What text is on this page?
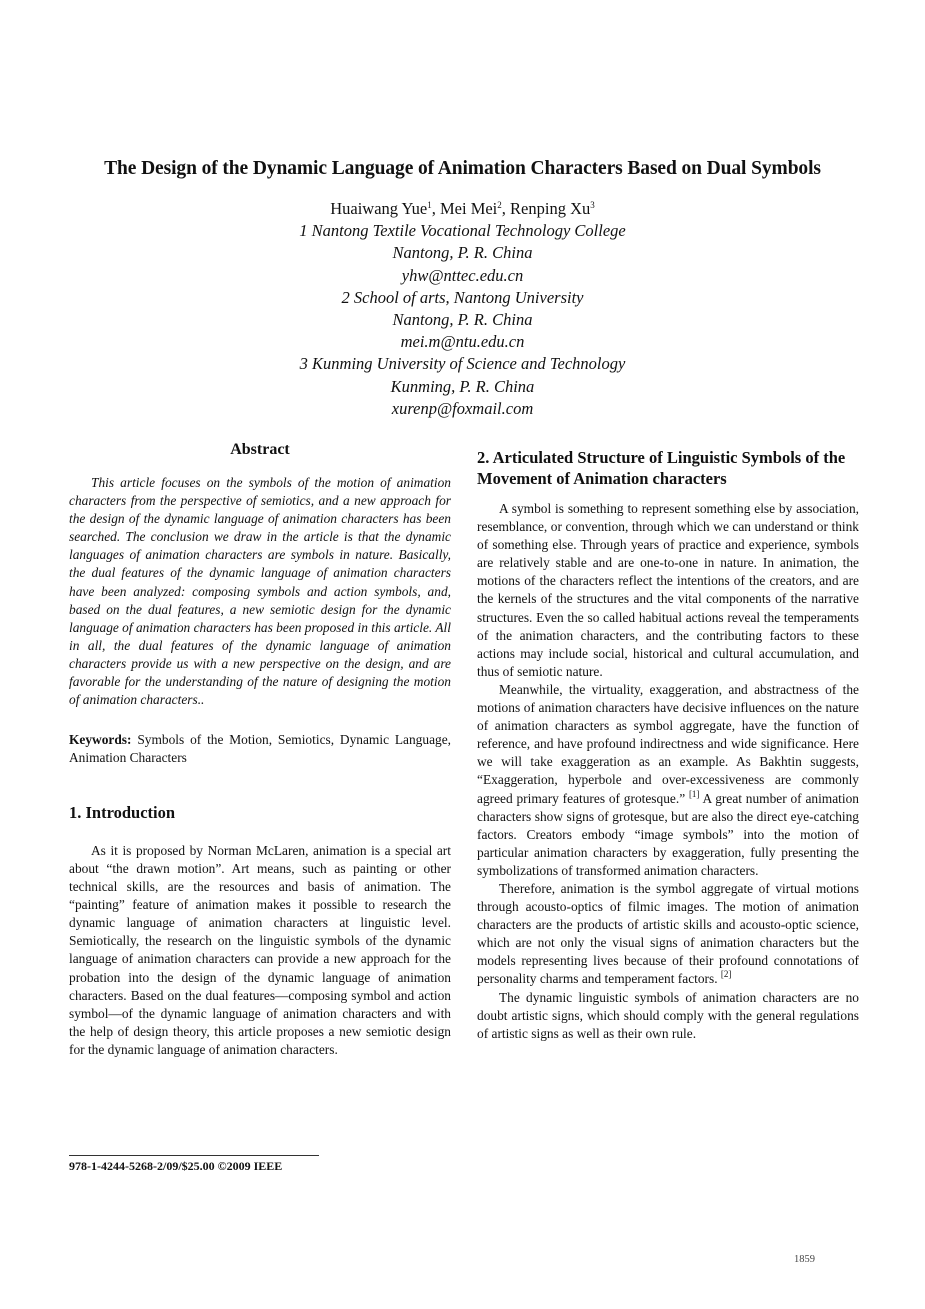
The Design of the Dynamic Language of Animation Characters Based on Dual Symbols
Huaiwang Yue$^1$, Mei Mei$^2$, Renping Xu$^3$
1 Nantong Textile Vocational Technology College
Nantong, P. R. China
yhw@nttec.edu.cn
2 School of arts, Nantong University
Nantong, P. R. China
mei.m@ntu.edu.cn
3 Kunming University of Science and Technology
Kunming, P. R. China
xurenp@foxmail.com
Abstract

This article focuses on the symbols of the motion of animation characters from the perspective of semiotics, and a new approach for the design of the dynamic language of animation characters has been searched. The conclusion we draw in the article is that the dynamic languages of animation characters are symbols in nature. Basically, the dual features of the dynamic language of animation characters have been analyzed: composing symbols and action symbols, and, based on the dual features, a new semiotic design for the dynamic language of animation characters has been proposed in this article. All in all, the dual features of the dynamic language of animation characters provide us with a new perspective on the design, and are favorable for the understanding of the nature of designing the motion of animation characters..

Keywords: Symbols of the Motion, Semiotics, Dynamic Language, Animation Characters

1. Introduction

As it is proposed by Norman McLaren, animation is a special art about “the drawn motion”. Art means, such as painting or other technical skills, are the resources and basis of animation. The “painting” feature of animation makes it possible to research the dynamic language of animation characters at linguistic level. Semiotically, the research on the linguistic symbols of the dynamic language of animation characters can provide a new approach for the probation into the design of the dynamic language of animation characters. Based on the dual features—composing symbol and action symbol—of the dynamic language of animation characters and with the help of design theory, this article proposes a new semiotic design for the dynamic language of animation characters.

2. Articulated Structure of Linguistic Symbols of the Movement of Animation characters

A symbol is something to represent something else by association, resemblance, or convention, through which we can understand or think of something else. Through years of practice and experience, symbols are relatively stable and are one-to-one in nature. In animation, the motions of the characters reflect the intentions of the creators, and are the kernels of the structures and the vital components of the narrative structures. Even the so called habitual actions reveal the temperaments of the animation characters, and the contributing factors to these actions may include social, historical and cultural accumulation, and thus of semiotic nature.

Meanwhile, the virtuality, exaggeration, and abstractness of the motions of animation characters have decisive influences on the nature of animation characters as symbol aggregate, have the function of reference, and have profound indirectness and wide significance. Here we will take exaggeration as an example. As Bakhtin suggests, “Exaggeration, hyperbole and over-excessiveness are commonly agreed primary features of grotesque.” [1] A great number of animation characters show signs of grotesque, but are also the direct eye-catching factors. Creators embody “image symbols” into the motion of particular animation characters by exaggeration, fully presenting the symbolizations of transformed animation characters.

Therefore, animation is the symbol aggregate of virtual motions through acousto-optics of filmic images. The motion of animation characters are the products of artistic skills and acousto-optic science, which are not only the visual signs of animation characters but the models representing lives because of their profound connotations of personality charms and temperament factors. [2]

The dynamic linguistic symbols of animation characters are no doubt artistic signs, which should comply with the general regulations of artistic signs as well as their own rule.

978-1-4244-5268-2/09/$25.00 ©2009 IEEE
1859
